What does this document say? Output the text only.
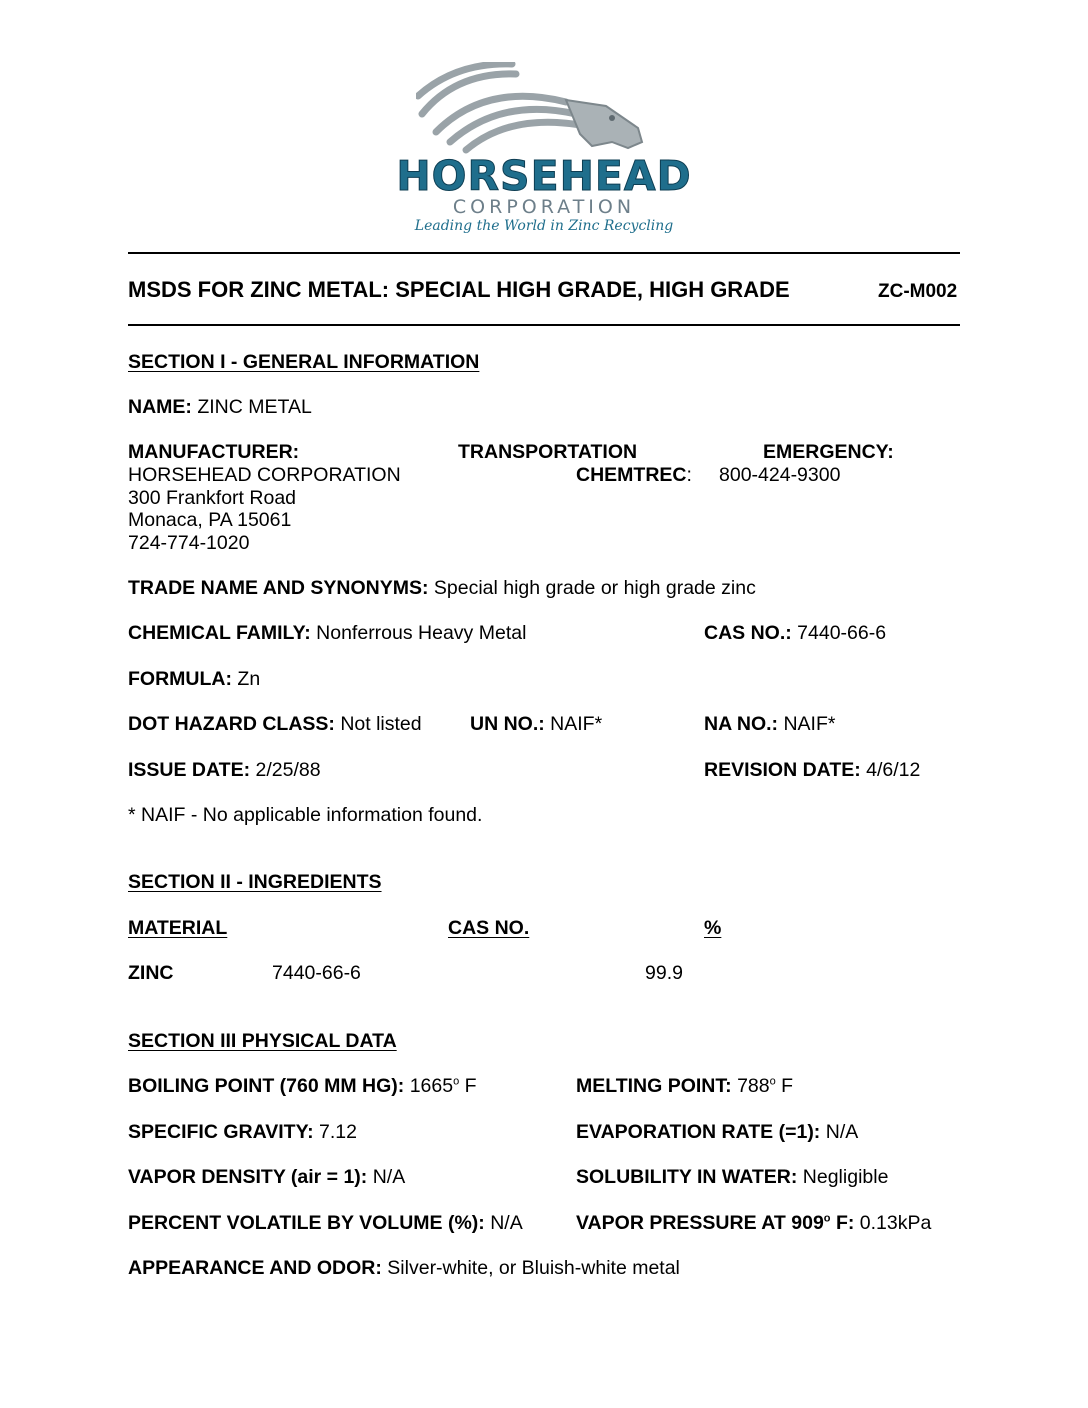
HORSEHEAD
CORPORATION
Leading the World in Zinc Recycling
MSDS FOR ZINC METAL: SPECIAL HIGH GRADE, HIGH GRADE	ZC-M002
SECTION I - GENERAL INFORMATION
NAME: ZINC METAL
MANUFACTURER:	TRANSPORTATION	EMERGENCY:
HORSEHEAD CORPORATION	CHEMTREC: 800-424-9300
300 Frankfort Road
Monaca, PA 15061
724-774-1020
TRADE NAME AND SYNONYMS: Special high grade or high grade zinc
CHEMICAL FAMILY: Nonferrous Heavy Metal	CAS NO.: 7440-66-6
FORMULA: Zn
DOT HAZARD CLASS: Not listed UN NO.: NAIF*	NA NO.: NAIF*
ISSUE DATE: 2/25/88	REVISION DATE: 4/6/12
* NAIF - No applicable information found.
SECTION II - INGREDIENTS
MATERIAL	CAS NO.	%
ZINC	7440-66-6	99.9
SECTION III PHYSICAL DATA
BOILING POINT (760 MM HG): 1665$^o$ F	MELTING POINT: 788$^o$ F
SPECIFIC GRAVITY: 7.12	EVAPORATION RATE (=1): N/A
VAPOR DENSITY (air = 1): N/A	SOLUBILITY IN WATER: Negligible
PERCENT VOLATILE BY VOLUME (%): N/A	VAPOR PRESSURE AT 909$^o$ F: 0.13kPa
APPEARANCE AND ODOR: Silver-white, or Bluish-white metal
